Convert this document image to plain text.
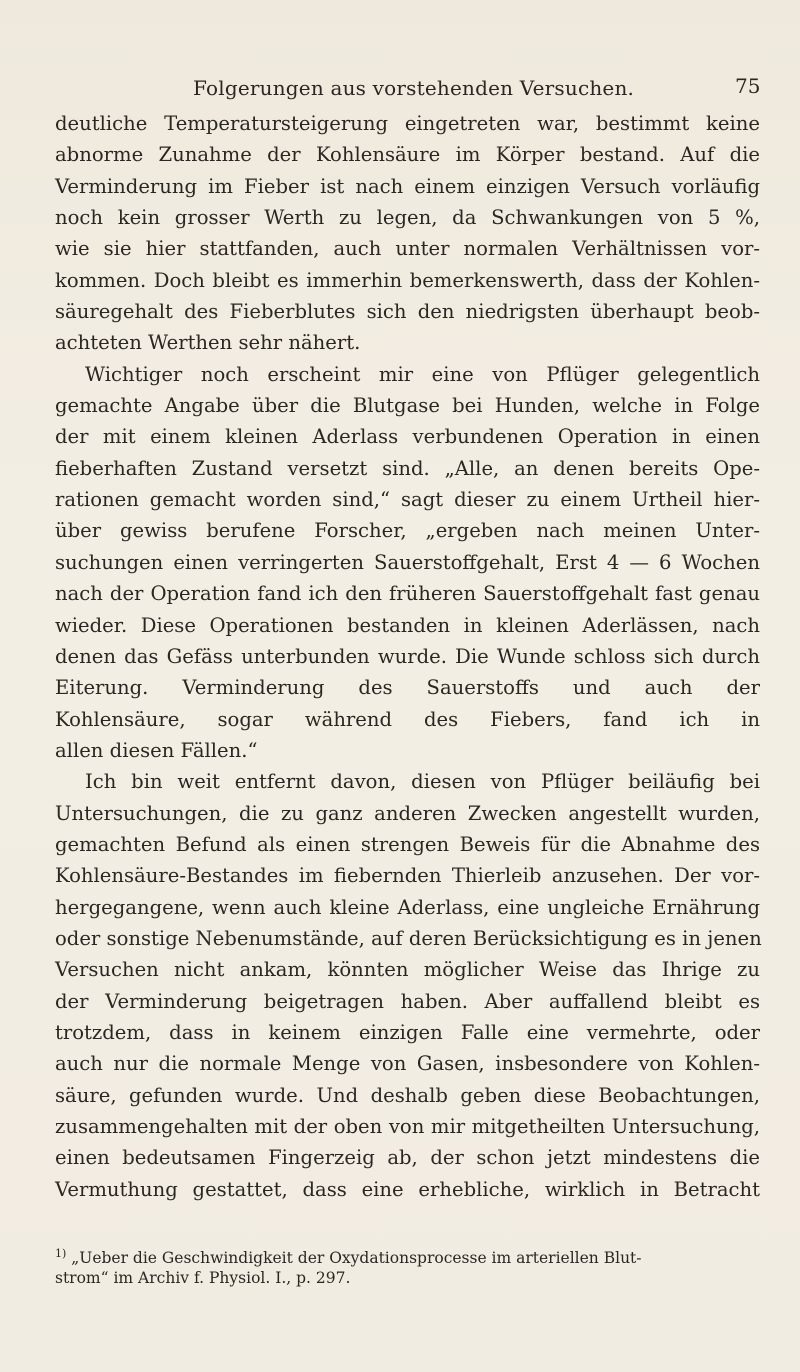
Folgerungen aus vorstehenden Versuchen.	75
deutliche Temperatursteigerung eingetreten war, bestimmt keine
abnorme Zunahme der Kohlensäure im Körper bestand. Auf die
Verminderung im Fieber ist nach einem einzigen Versuch vorläufig
noch kein grosser Werth zu legen, da Schwankungen von 5 %,
wie sie hier stattfanden, auch unter normalen Verhältnissen vor-
kommen. Doch bleibt es immerhin bemerkenswerth, dass der Kohlen-
säuregehalt des Fieberblutes sich den niedrigsten überhaupt beob-
achteten Werthen sehr nähert.
Wichtiger noch erscheint mir eine von Pflüger gelegentlich
gemachte Angabe über die Blutgase bei Hunden, welche in Folge
der mit einem kleinen Aderlass verbundenen Operation in einen
fieberhaften Zustand versetzt sind. „Alle, an denen bereits Ope-
rationen gemacht worden sind,“ sagt dieser zu einem Urtheil hier-
über gewiss berufene Forscher, „ergeben nach meinen Unter-
suchungen einen verringerten Sauerstoffgehalt, Erst 4 — 6 Wochen
nach der Operation fand ich den früheren Sauerstoffgehalt fast genau
wieder. Diese Operationen bestanden in kleinen Aderlässen, nach
denen das Gefäss unterbunden wurde. Die Wunde schloss sich durch
Eiterung. Verminderung des Sauerstoffs und auch der
Kohlensäure, sogar während des Fiebers, fand ich in
allen diesen Fällen.“
Ich bin weit entfernt davon, diesen von Pflüger beiläufig bei
Untersuchungen, die zu ganz anderen Zwecken angestellt wurden,
gemachten Befund als einen strengen Beweis für die Abnahme des
Kohlensäure-Bestandes im fiebernden Thierleib anzusehen. Der vor-
hergegangene, wenn auch kleine Aderlass, eine ungleiche Ernährung
oder sonstige Nebenumstände, auf deren Berücksichtigung es in jenen
Versuchen nicht ankam, könnten möglicher Weise das Ihrige zu
der Verminderung beigetragen haben. Aber auffallend bleibt es
trotzdem, dass in keinem einzigen Falle eine vermehrte, oder
auch nur die normale Menge von Gasen, insbesondere von Kohlen-
säure, gefunden wurde. Und deshalb geben diese Beobachtungen,
zusammengehalten mit der oben von mir mitgetheilten Untersuchung,
einen bedeutsamen Fingerzeig ab, der schon jetzt mindestens die
Vermuthung gestattet, dass eine erhebliche, wirklich in Betracht
$^{1)}$ „Ueber die Geschwindigkeit der Oxydationsprocesse im arteriellen Blut-
strom“ im Archiv f. Physiol. I., p. 297.
